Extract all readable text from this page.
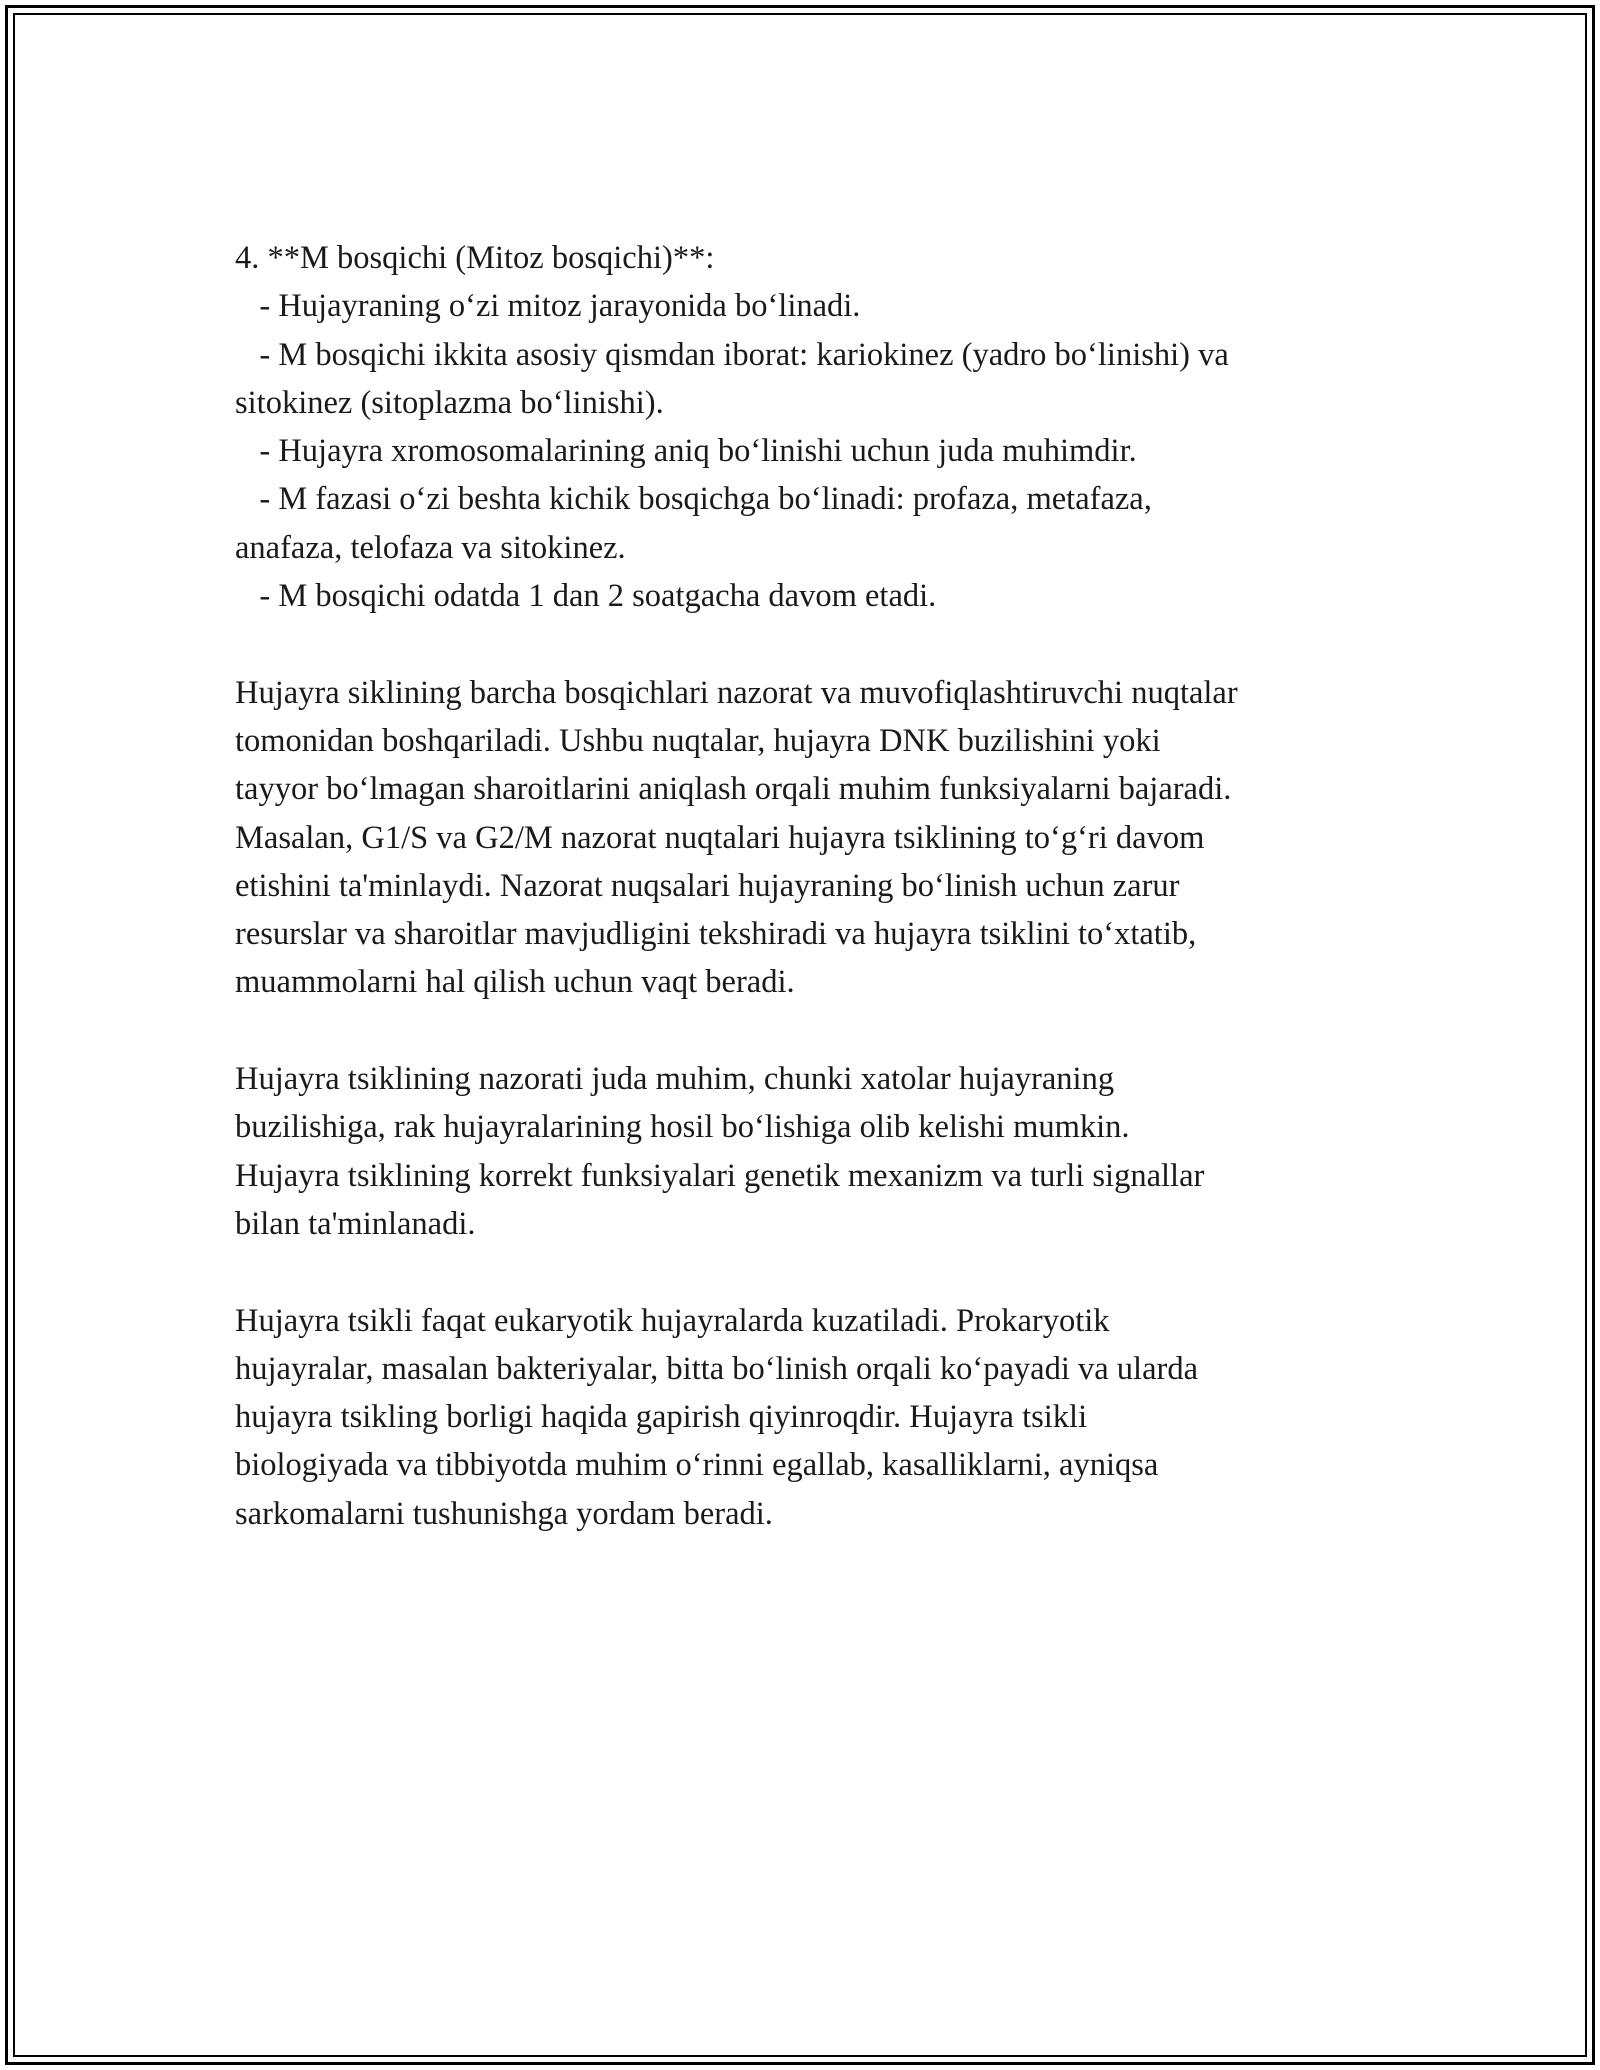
4. **M bosqichi (Mitoz bosqichi)**:
- Hujayraning o‘zi mitoz jarayonida bo‘linadi.
- M bosqichi ikkita asosiy qismdan iborat: kariokinez (yadro bo‘linishi) va
sitokinez (sitoplazma bo‘linishi).
- Hujayra xromosomalarining aniq bo‘linishi uchun juda muhimdir.
- M fazasi o‘zi beshta kichik bosqichga bo‘linadi: profaza, metafaza,
anafaza, telofaza va sitokinez.
- M bosqichi odatda 1 dan 2 soatgacha davom etadi.
Hujayra siklining barcha bosqichlari nazorat va muvofiqlashtiruvchi nuqtalar
tomonidan boshqariladi. Ushbu nuqtalar, hujayra DNK buzilishini yoki
tayyor bo‘lmagan sharoitlarini aniqlash orqali muhim funksiyalarni bajaradi.
Masalan, G1/S va G2/M nazorat nuqtalari hujayra tsiklining to‘g‘ri davom
etishini ta'minlaydi. Nazorat nuqsalari hujayraning bo‘linish uchun zarur
resurslar va sharoitlar mavjudligini tekshiradi va hujayra tsiklini to‘xtatib,
muammolarni hal qilish uchun vaqt beradi.
Hujayra tsiklining nazorati juda muhim, chunki xatolar hujayraning
buzilishiga, rak hujayralarining hosil bo‘lishiga olib kelishi mumkin.
Hujayra tsiklining korrekt funksiyalari genetik mexanizm va turli signallar
bilan ta'minlanadi.
Hujayra tsikli faqat eukaryotik hujayralarda kuzatiladi. Prokaryotik
hujayralar, masalan bakteriyalar, bitta bo‘linish orqali ko‘payadi va ularda
hujayra tsikling borligi haqida gapirish qiyinroqdir. Hujayra tsikli
biologiyada va tibbiyotda muhim o‘rinni egallab, kasalliklarni, ayniqsa
sarkomalarni tushunishga yordam beradi.
